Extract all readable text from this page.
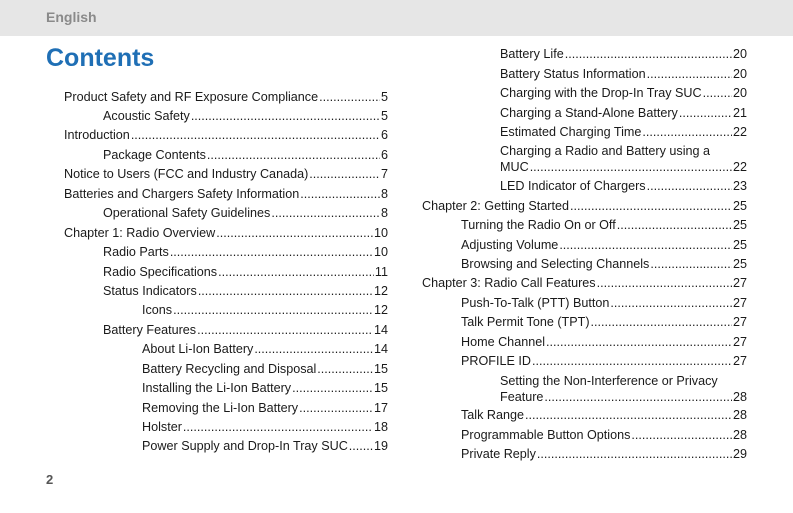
English
Contents
Product Safety and RF Exposure Compliance .....	5
Acoustic Safety .....	5
Introduction .....	6
Package Contents .....	6
Notice to Users (FCC and Industry Canada) .....	7
Batteries and Chargers Safety Information .....	8
Operational Safety Guidelines .....	8
Chapter 1: Radio Overview .....	10
Radio Parts .....	10
Radio Specifications .....	11
Status Indicators .....	12
Icons .....	12
Battery Features .....	14
About Li-Ion Battery .....	14
Battery Recycling and Disposal .....	15
Installing the Li-Ion Battery .....	15
Removing the Li-Ion Battery .....	17
Holster .....	18
Power Supply and Drop-In Tray SUC ..... 19
Battery Life .....	20
Battery Status Information .....	20
Charging with the Drop-In Tray SUC ..... 20
Charging a Stand-Alone Battery .....	21
Estimated Charging Time .....	22
Charging a Radio and Battery using a
MUC .....	22
LED Indicator of Chargers .....	23
Chapter 2: Getting Started .....	25
Turning the Radio On or Off .....	25
Adjusting Volume .....	25
Browsing and Selecting Channels .....	25
Chapter 3: Radio Call Features .....	27
Push-To-Talk (PTT) Button .....	27
Talk Permit Tone (TPT) .....	27
Home Channel .....	27
PROFILE ID .....	27
Setting the Non-Interference or Privacy
Feature .....	28
Talk Range .....	28
Programmable Button Options .....	28
Private Reply .....	29
2
